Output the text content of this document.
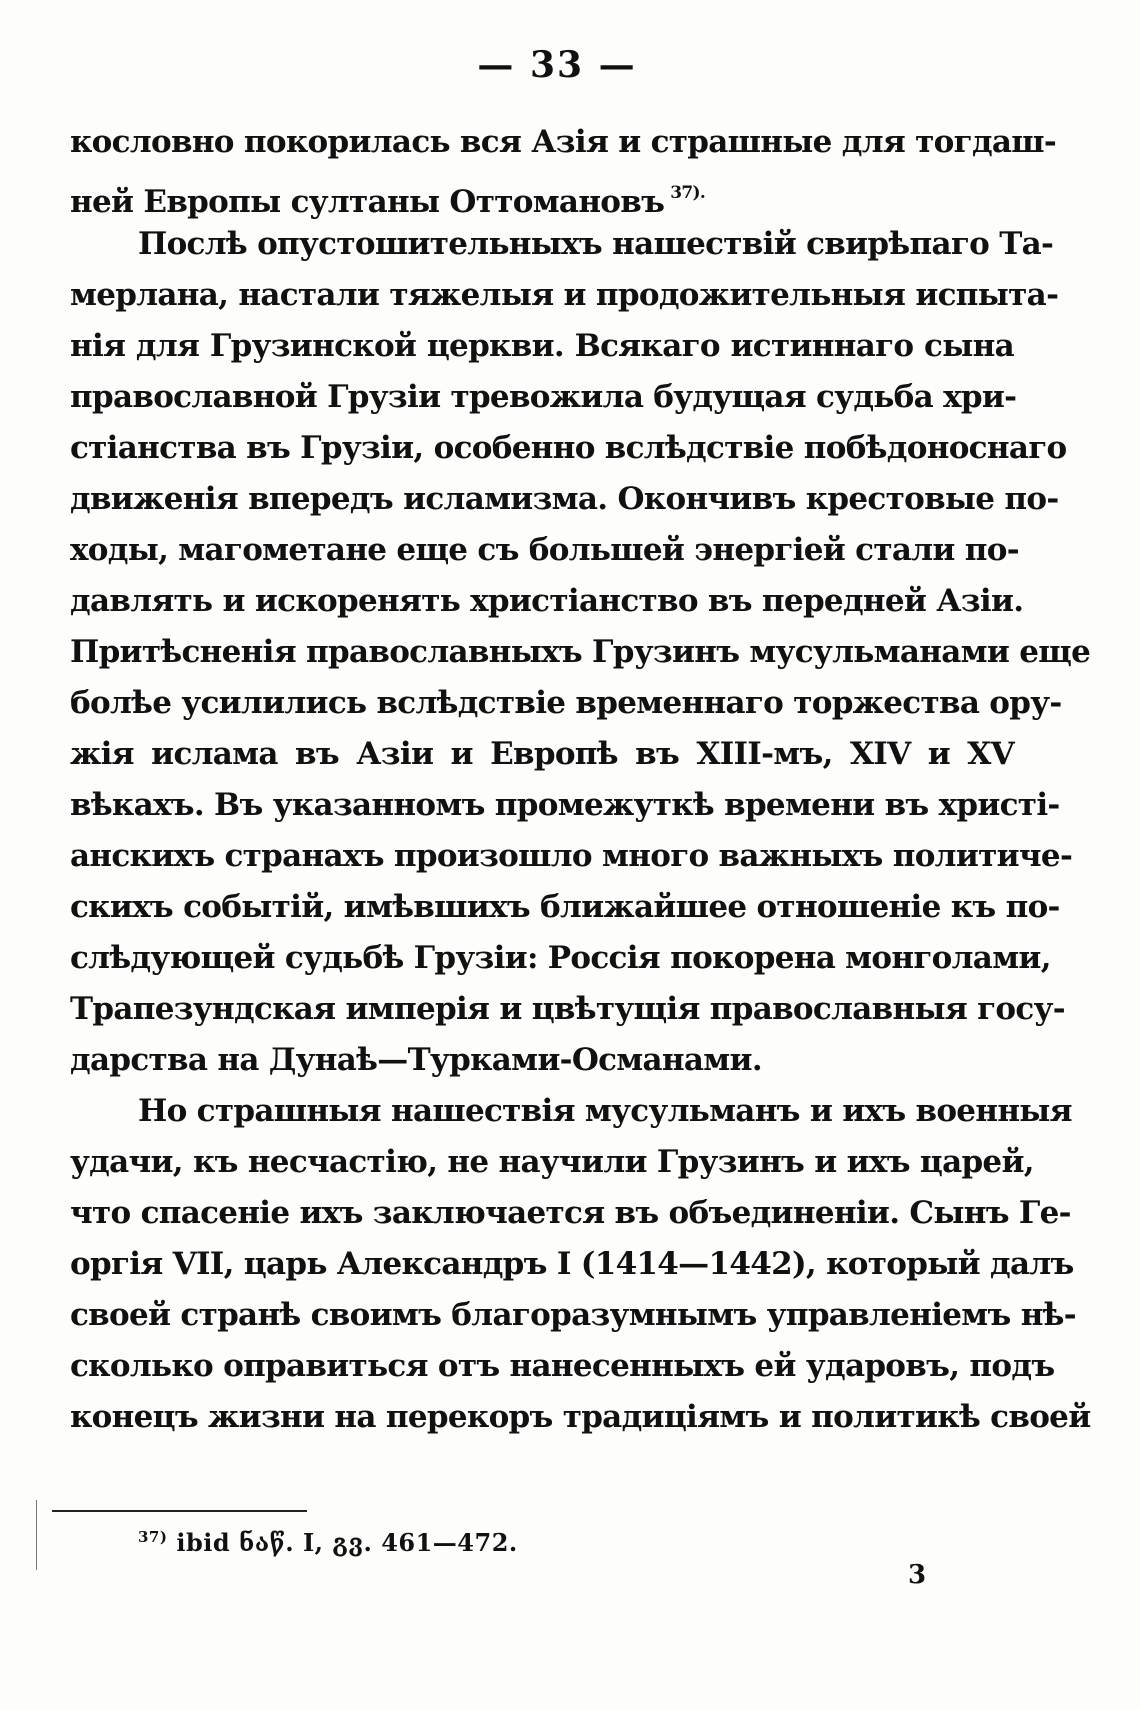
— 33 —
кословно покорилась вся Азія и страшные для тогдаш-
ней Европы султаны Оттомановъ $^{37).}$
Послѣ опустошительныхъ нашествій свирѣпаго Та-
мерлана, настали тяжелыя и продожительныя испыта-
нія для Грузинской церкви. Всякаго истиннаго сына
православной Грузіи тревожила будущая судьба хри-
стіанства въ Грузіи, особенно вслѣдствіе побѣдоноснаго
движенія впередъ исламизма. Окончивъ крестовые по-
ходы, магометане еще съ большей энергіей стали по-
давлять и искоренять христіанство въ передней Азіи.
Притѣсненія православныхъ Грузинъ мусульманами еще
болѣе усилились вслѣдствіе временнаго торжества ору-
жія ислама въ Азіи и Европѣ въ XIII-мъ, XIV и XV
вѣкахъ. Въ указанномъ промежуткѣ времени въ христі-
анскихъ странахъ произошло много важныхъ политиче-
скихъ событій, имѣвшихъ ближайшее отношеніе къ по-
слѣдующей судьбѣ Грузіи: Россія покорена монголами,
Трапезундская имперія и цвѣтущія православныя госу-
дарства на Дунаѣ—Турками-Османами.
Но страшныя нашествія мусульманъ и ихъ военныя
удачи, къ несчастію, не научили Грузинъ и ихъ царей,
что спасеніе ихъ заключается въ объединеніи. Сынъ Ге-
оргія VII, царь Александръ I (1414—1442), который далъ
своей странѣ своимъ благоразумнымъ управленіемъ нѣ-
сколько оправиться отъ нанесенныхъ ей ударовъ, подъ
конецъ жизни на перекоръ традиціямъ и политикѣ своей
$^{37)}$ ibid ნაწ. I, გვ. 461—472.
3
